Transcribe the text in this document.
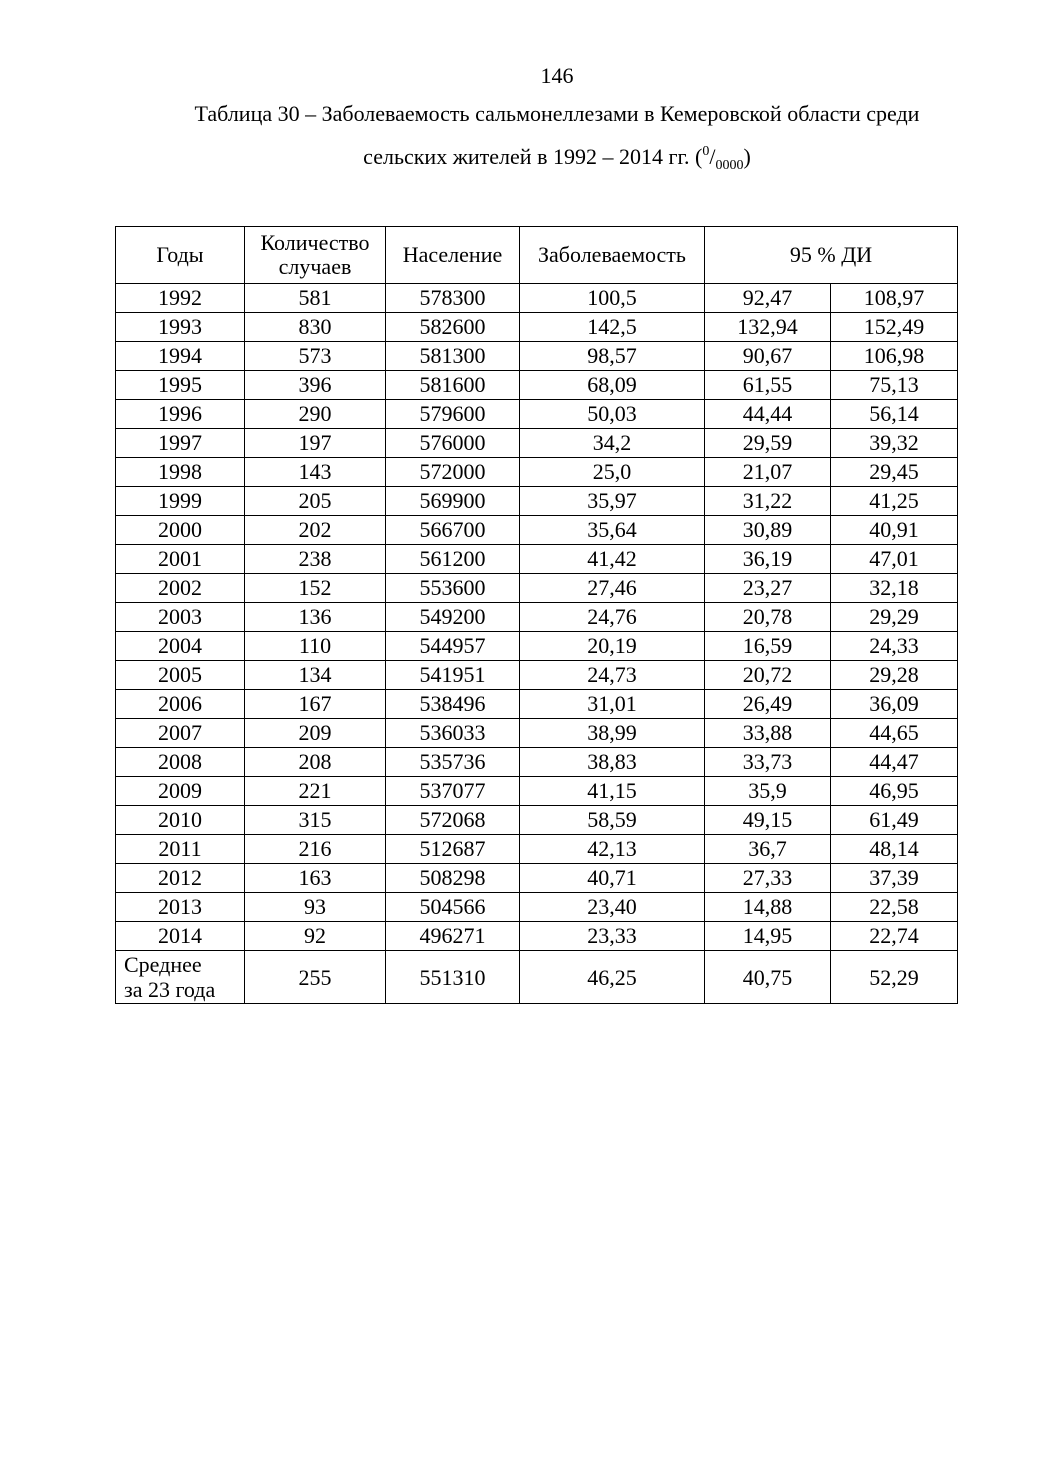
146
Таблица 30 – Заболеваемость сальмонеллезами в Кемеровской области среди
сельских жителей в 1992 – 2014 гг. $(^0/_{0000})$
Годы	Количество случаев	Население	Заболеваемость	95 % ДИ	
1992	581	578300	100,5	92,47	108,97
1993	830	582600	142,5	132,94	152,49
1994	573	581300	98,57	90,67	106,98
1995	396	581600	68,09	61,55	75,13
1996	290	579600	50,03	44,44	56,14
1997	197	576000	34,2	29,59	39,32
1998	143	572000	25,0	21,07	29,45
1999	205	569900	35,97	31,22	41,25
2000	202	566700	35,64	30,89	40,91
2001	238	561200	41,42	36,19	47,01
2002	152	553600	27,46	23,27	32,18
2003	136	549200	24,76	20,78	29,29
2004	110	544957	20,19	16,59	24,33
2005	134	541951	24,73	20,72	29,28
2006	167	538496	31,01	26,49	36,09
2007	209	536033	38,99	33,88	44,65
2008	208	535736	38,83	33,73	44,47
2009	221	537077	41,15	35,9	46,95
2010	315	572068	58,59	49,15	61,49
2011	216	512687	42,13	36,7	48,14
2012	163	508298	40,71	27,33	37,39
2013	93	504566	23,40	14,88	22,58
2014	92	496271	23,33	14,95	22,74

Среднее
за 23 года	255	551310	46,25	40,75	52,29
